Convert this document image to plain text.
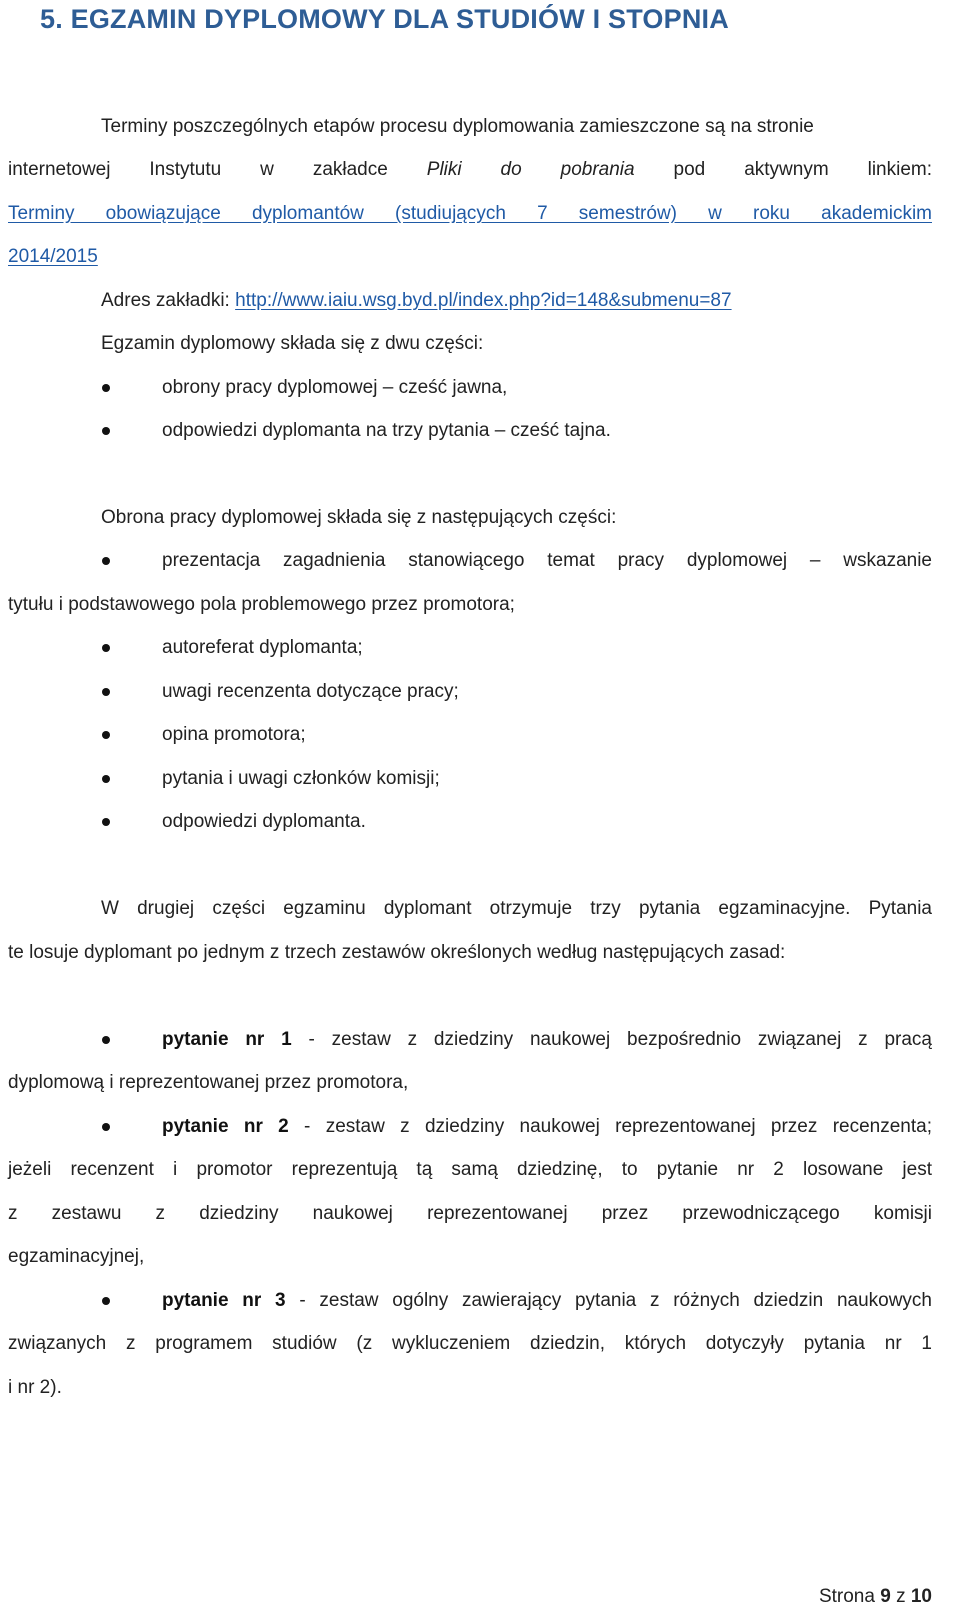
5. EGZAMIN DYPLOMOWY DLA STUDIÓW I STOPNIA
Terminy poszczególnych etapów procesu dyplomowania zamieszczone są na stronie
internetowej Instytutu w zakładce Pliki do pobrania pod aktywnym linkiem:
Terminy obowiązujące dyplomantów (studiujących 7 semestrów) w roku akademickim
2014/2015
Adres zakładki: http://www.iaiu.wsg.byd.pl/index.php?id=148&submenu=87
Egzamin dyplomowy składa się z dwu części:
obrony pracy dyplomowej – cześć jawna,
odpowiedzi dyplomanta na trzy pytania – cześć tajna.
Obrona pracy dyplomowej składa się z następujących części:
prezentacja zagadnienia stanowiącego temat pracy dyplomowej – wskazanie
tytułu i podstawowego pola problemowego przez promotora;
autoreferat dyplomanta;
uwagi recenzenta dotyczące pracy;
opina promotora;
pytania i uwagi członków komisji;
odpowiedzi dyplomanta.
W drugiej części egzaminu dyplomant otrzymuje trzy pytania egzaminacyjne. Pytania
te losuje dyplomant po jednym z trzech zestawów określonych według następujących zasad:
pytanie nr 1 - zestaw z dziedziny naukowej bezpośrednio związanej z pracą
dyplomową i reprezentowanej przez promotora,
pytanie nr 2 - zestaw z dziedziny naukowej reprezentowanej przez recenzenta;
jeżeli recenzent i promotor reprezentują tą samą dziedzinę, to pytanie nr 2 losowane jest
z zestawu z dziedziny naukowej reprezentowanej przez przewodniczącego komisji
egzaminacyjnej,
pytanie nr 3 - zestaw ogólny zawierający pytania z różnych dziedzin naukowych
związanych z programem studiów (z wykluczeniem dziedzin, których dotyczyły pytania nr 1
i nr 2).
Strona 9 z 10
